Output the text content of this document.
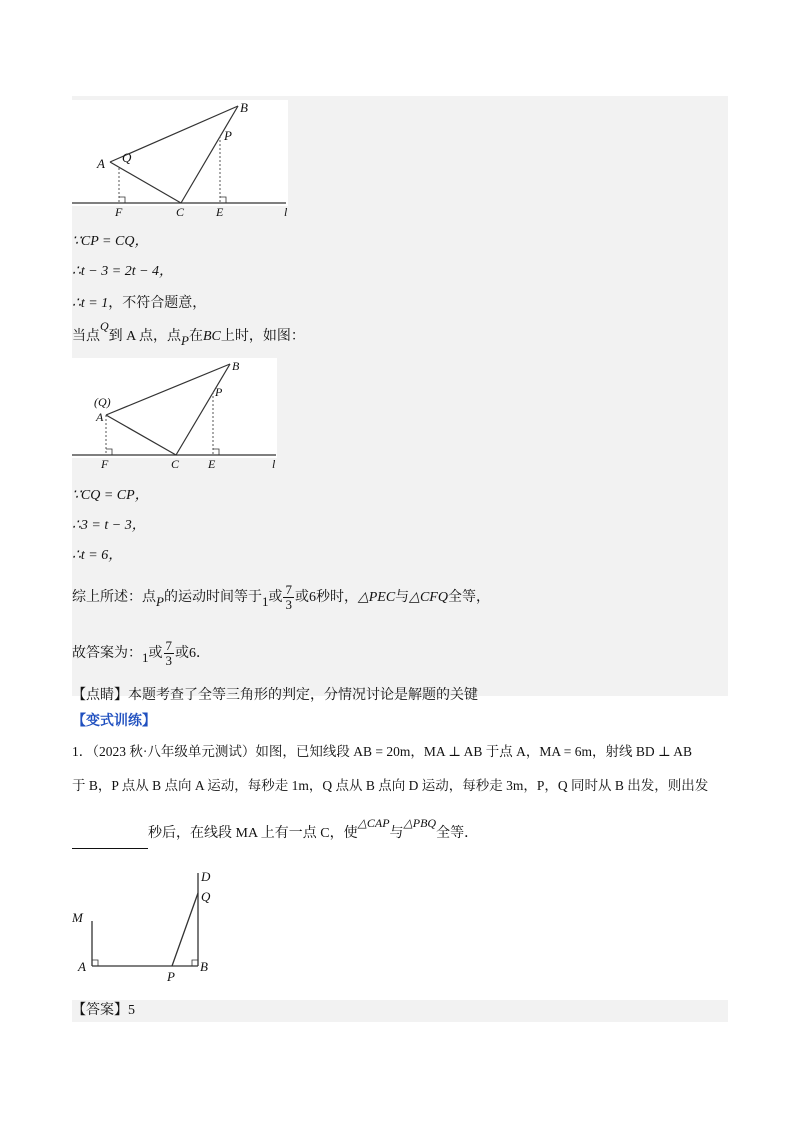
A Q
B
P
F	C	E	l
∵CP = CQ，
∴t − 3 = 2t − 4，
∴t = 1，不符合题意，
当点Q到 A 点，点P在BC上时，如图：
(Q)
A
B
P
F	C E	l
∵CQ = CP，
∴3 = t − 3，
∴t = 6，
综上所述：点P的运动时间等于1或 $\frac{7}{3}$ 或6秒时，△PEC与△CFQ全等，
故答案为：1或 $\frac{7}{3}$ 或6．
【点睛】本题考查了全等三角形的判定，分情况讨论是解题的关键
【变式训练】
1．（2023 秋·八年级单元测试）如图，已知线段 AB = 20m，MA ⊥ AB 于点 A，MA = 6m，射线 BD ⊥ AB
于 B，P 点从 B 点向 A 运动，每秒走 1m，Q 点从 B 点向 D 运动，每秒走 3m，P，Q 同时从 B 出发，则出发
秒后，在线段 MA 上有一点 C，使△CAP与△PBQ全等．
M
A
P
B
Q
D
【答案】5
